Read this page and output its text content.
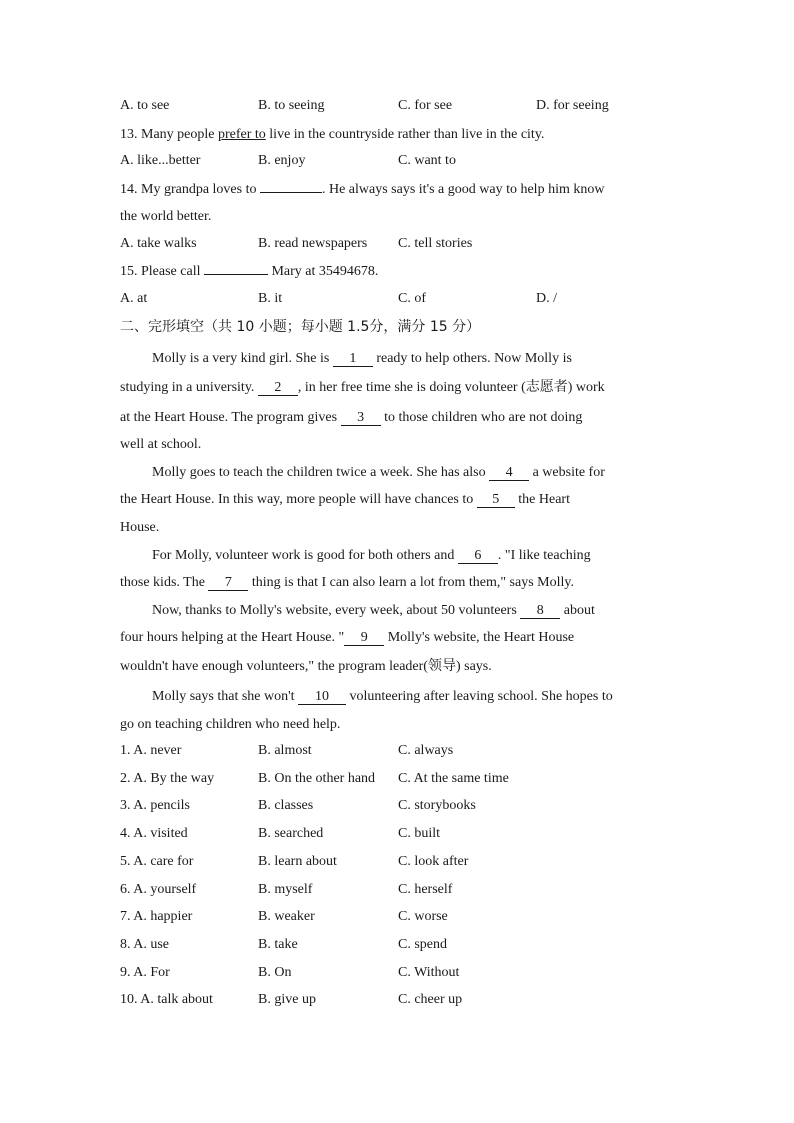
A. to see	B. to seeing	C. for see	D. for seeing
13. Many people prefer to live in the countryside rather than live in the city.
A. like...better	B. enjoy	C. want to
14. My grandpa loves to	. He always says it's a good way to help him know
the world better.
A. take walks	B. read newspapers C. tell stories
15. Please call	Mary at 35494678.
A. at	B. it	C. of	D. /
二、完形填空（共 10 小题；每小题 1.5分，满分 15 分）
Molly is a very kind girl. She is 1 ready to help others. Now Molly is
studying in a university. 2 , in her free time she is doing volunteer (志愿者) work
at the Heart House. The program gives 3 to those children who are not doing
well at school.
Molly goes to teach the children twice a week. She has also 4 a website for
the Heart House. In this way, more people will have chances to 5 the Heart
House.
For Molly, volunteer work is good for both others and 6 . "I like teaching
those kids. The 7 thing is that I can also learn a lot from them," says Molly.
Now, thanks to Molly's website, every week, about 50 volunteers 8 about
four hours helping at the Heart House. " 9 Molly's website, the Heart House
wouldn't have enough volunteers," the program leader(领导) says.
Molly says that she won't 10 volunteering after leaving school. She hopes to
go on teaching children who need help.
1. A. never	B. almost	C. always
2. A. By the way	B. On the other hand C. At the same time
3. A. pencils	B. classes	C. storybooks
4. A. visited	B. searched	C. built
5. A. care for	B. learn about	C. look after
6. A. yourself	B. myself	C. herself
7. A. happier	B. weaker	C. worse
8. A. use	B. take	C. spend
9. A. For	B. On	C. Without
10. A. talk about	B. give up	C. cheer up
